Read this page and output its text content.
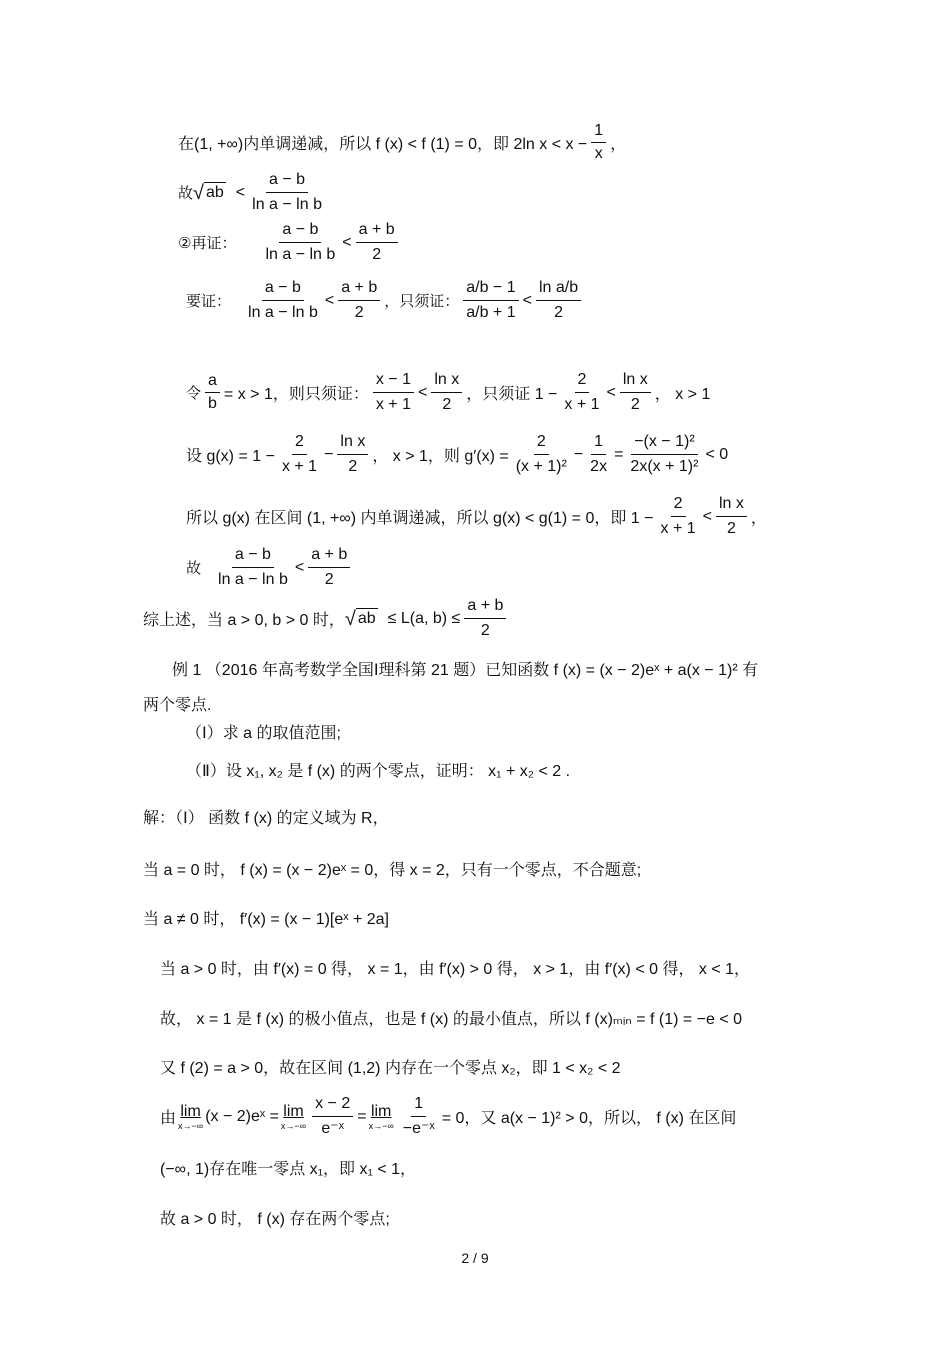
在(1, +∞)内单调递减，所以 f (x) < f (1) = 0，即 2ln $x < x - \frac{1}{x}$ ，
故 √ ab < $\frac{a - b}{\text{ln a − ln b}}$
②再证： $\frac{a - b}{\text{ln a − ln b}} < \frac{a + b}{2}$
要证： $\frac{a - b}{\text{ln a − ln b}} < \frac{a + b}{2}$ ，只须证： $\frac{a/b - 1}{a/b + 1} < \frac{\text{ln a/b}}{2}$
令 $\frac{a}{b} = x > 1$，则只须证： $\frac{x - 1}{x + 1} < \frac{\text{ln x}}{2}$ ，只须证 $1 - \frac{2}{x + 1} < \frac{\text{ln x}}{2}$ ， x > 1
设 $g(x) = 1 - \frac{2}{x + 1} - \frac{\text{ln x}}{2}$ ， x > 1，则 $g'(x) = \frac{2}{\text{(x + 1)²}} - \frac{1}{2x} = \frac{\text{−(x − 1)²}}{\text{2x(x + 1)²}} < 0$
所以 g(x) 在区间 (1, +∞) 内单调递减，所以 g(x) < g(1) = 0，即 $1 - \frac{2}{x + 1} < \frac{\text{ln x}}{2}$ ，
故 $\frac{a - b}{\text{ln a − ln b}} < \frac{a + b}{2}$
综上述，当 a > 0, b > 0 时， √ ab ≤ L(a, $b) \le \frac{a + b}{2}$
例 1 （2016 年高考数学全国Ⅰ理科第 21 题）已知函数 f (x) = (x − 2)eˣ + a(x − 1)² 有
两个零点.
（Ⅰ）求 a 的取值范围;
（Ⅱ）设 x₁, x₂ 是 f (x) 的两个零点，证明： x₁ + x₂ < 2 .
解：（Ⅰ） 函数 f (x) 的定义域为 R，
当 a = 0 时， f (x) = (x − 2)eˣ = 0，得 x = 2，只有一个零点，不合题意;
当 a ≠ 0 时， f′(x) = (x − 1)[eˣ + 2a]
当 a > 0 时，由 f′(x) = 0 得， x = 1，由 f′(x) > 0 得， x > 1，由 f′(x) < 0 得， x < 1，
故， x = 1 是 f (x) 的极小值点，也是 f (x) 的最小值点，所以 f (x)ₘᵢₙ = f (1) = −e < 0
又 f (2) = a > 0，故在区间 (1,2) 内存在一个零点 x₂，即 1 < x₂ < 2
由 lim
x→−∞
(x − 2)eˣ = lim
$x\to-\infty \frac{x - 2}{\text{e⁻ˣ}} = \lim$
$x\to-\infty \frac{1}{\text{−e⁻ˣ}} = 0$，又 a(x − 1)² > 0，所以， f (x) 在区间
(−∞, 1)存在唯一零点 x₁，即 x₁ < 1，
故 a > 0 时， f (x) 存在两个零点;
2 / 9
